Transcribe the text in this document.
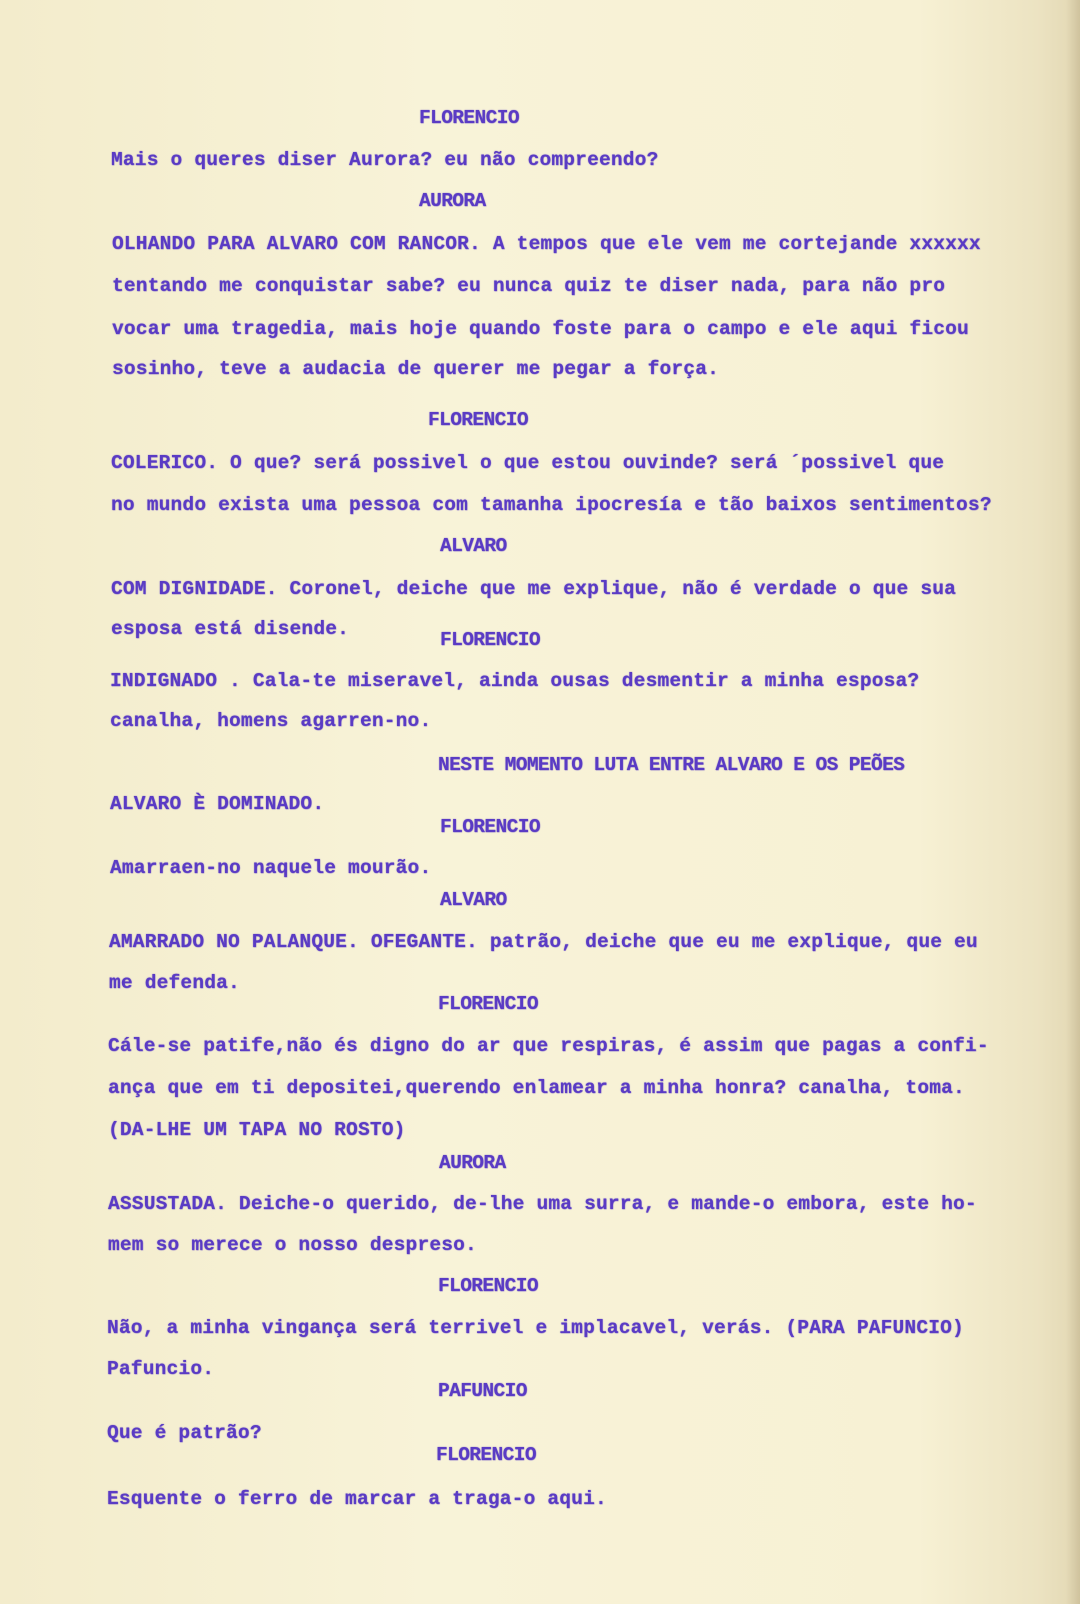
FLORENCIO
Mais o queres diser Aurora? eu não compreendo?
AURORA
OLHANDO PARA ALVARO COM RANCOR. A tempos que ele vem me cortejande xxxxxx
tentando me conquistar sabe? eu nunca quiz te diser nada, para não pro
vocar uma tragedia, mais hoje quando foste para o campo e ele aqui ficou
sosinho, teve a audacia de querer me pegar a força.
FLORENCIO
COLERICO. O que? será possivel o que estou ouvinde? será ´possivel que
no mundo exista uma pessoa com tamanha ipocresía e tão baixos sentimentos?
ALVARO
COM DIGNIDADE. Coronel, deiche que me explique, não é verdade o que sua
esposa está disende.	FLORENCIO
INDIGNADO . Cala-te miseravel, ainda ousas desmentir a minha esposa?
canalha, homens agarren-no.
NESTE MOMENTO LUTA ENTRE ALVARO E OS PEÕES
ALVARO È DOMINADO.
FLORENCIO
Amarraen-no naquele mourão.
ALVARO
AMARRADO NO PALANQUE. OFEGANTE. patrão, deiche que eu me explique, que eu
me defenda.
FLORENCIO
Cále-se patife,não és digno do ar que respiras, é assim que pagas a confi-
ança que em ti depositei,querendo enlamear a minha honra? canalha, toma.
(DA-LHE UM TAPA NO ROSTO)
AURORA
ASSUSTADA. Deiche-o querido, de-lhe uma surra, e mande-o embora, este ho-
mem so merece o nosso despreso.
FLORENCIO
Não, a minha vingança será terrivel e implacavel, verás. (PARA PAFUNCIO)
Pafuncio.
PAFUNCIO
Que é patrão?
FLORENCIO
Esquente o ferro de marcar a traga-o aqui.
